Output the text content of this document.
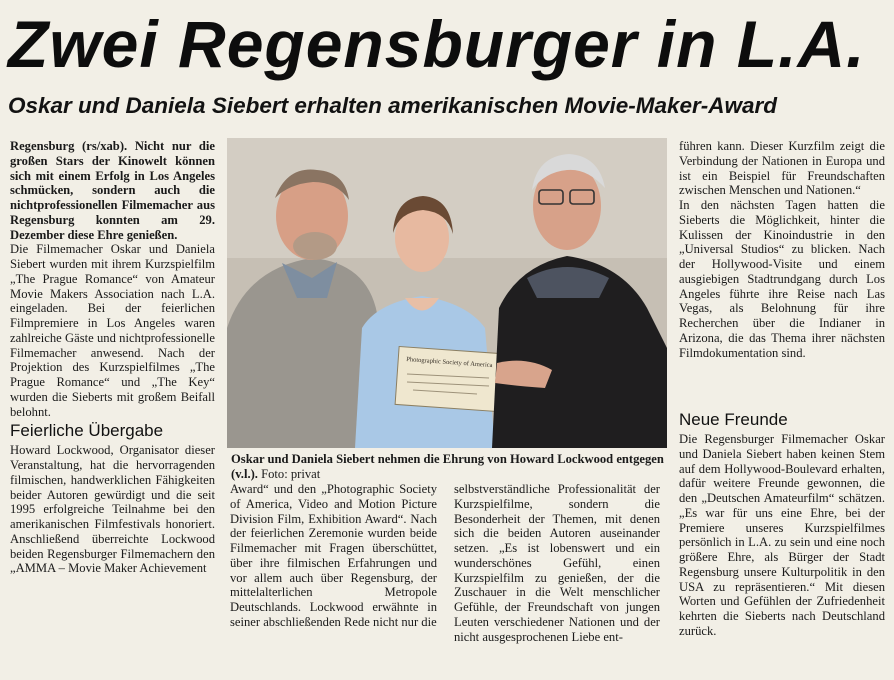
Zwei Regensburger in L.A.
Oskar und Daniela Siebert erhalten amerikanischen Movie-Maker-Award

Regensburg (rs/xab). Nicht nur die großen Stars der Kinowelt können sich mit einem Erfolg in Los Angeles schmücken, sondern auch die nichtprofessionellen Filmemacher aus Regensburg konnten am 29. Dezember diese Ehre genießen.

Die Filmemacher Oskar und Daniela Siebert wurden mit ihrem Kurzspielfilm „The Prague Romance“ von Amateur Movie Makers Association nach L.A. eingeladen. Bei der feierlichen Filmpremiere in Los Angeles waren zahlreiche Gäste und nichtprofessionelle Filmemacher anwesend. Nach der Projektion des Kurzspielfilmes „The Prague Romance“ und „The Key“ wurden die Sieberts mit großem Beifall belohnt.

Feierliche Übergabe

Howard Lockwood, Organisator dieser Veranstaltung, hat die hervorragenden filmischen, handwerklichen Fähigkeiten beider Autoren gewürdigt und die seit 1995 erfolgreiche Teilnahme bei den amerikanischen Filmfestivals honoriert. Anschließend überreichte Lockwood beiden Regensburger Filmemachern den „AMMA – Movie Maker Achievement

Photographic Society of America
Oskar und Daniela Siebert nehmen die Ehrung von Howard Lockwood entgegen (v.l.). Foto: privat

Award“ und den „Photographic Society of America, Video and Motion Picture Division Film, Exhibition Award“. Nach der feierlichen Zeremonie wurden beide Filmemacher mit Fragen überschüttet, über ihre filmischen Erfahrungen und vor allem auch über Regensburg, der mittelalterlichen Metropole Deutschlands. Lockwood erwähnte in seiner abschließenden Rede nicht nur die

selbstverständliche Professionalität der Kurzspielfilme, sondern die Besonderheit der Themen, mit denen sich die beiden Autoren auseinander setzen. „Es ist lobenswert und ein wunderschönes Gefühl, einen Kurzspielfilm zu genießen, der die Zuschauer in die Welt menschlicher Gefühle, der Freundschaft von jungen Leuten verschiedener Nationen und der nicht ausgesprochenen Liebe ent-

führen kann. Dieser Kurzfilm zeigt die Verbindung der Nationen in Europa und ist ein Beispiel für Freundschaften zwischen Menschen und Nationen.“

In den nächsten Tagen hatten die Sieberts die Möglichkeit, hinter die Kulissen der Kinoindustrie in den „Universal Studios“ zu blicken. Nach der Hollywood-Visite und einem ausgiebigen Stadtrundgang durch Los Angeles führte ihre Reise nach Las Vegas, als Belohnung für ihre Recherchen über die Indianer in Arizona, die das Thema ihrer nächsten Filmdokumentation sind.

Neue Freunde

Die Regensburger Filmemacher Oskar und Daniela Siebert haben keinen Stem auf dem Hollywood-Boulevard erhalten, dafür weitere Freunde gewonnen, die den „Deutschen Amateurfilm“ schätzen. „Es war für uns eine Ehre, bei der Premiere unseres Kurzspielfilmes persönlich in L.A. zu sein und eine noch größere Ehre, als Bürger der Stadt Regensburg unsere Kulturpolitik in den USA zu repräsentieren.“ Mit diesen Worten und Gefühlen der Zufriedenheit kehrten die Sieberts nach Deutschland zurück.
